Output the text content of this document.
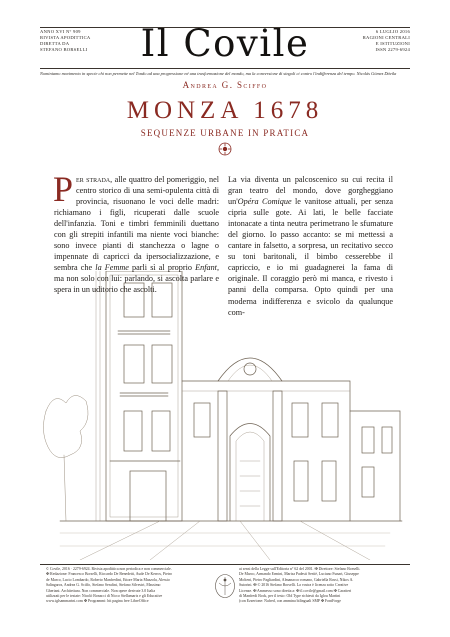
ANNO XVI N° 909
RIVISTA APODITTICA
DIRETTA DA
STEFANO BORSELLI	Il Covile	6 LUGLIO 2016
RAGIONI CENTRALI
E ISTITUZIONI
ISSN 2279-6924
Nominiamo movimento in specie chi non permette nel Tondo ad una progressione né una trasformazione del mondo, ma la conversione di singoli ci contro l'indifferenza del tempo. Nicolás Gómez Dávila
Andrea G. Sciffo
MONZA 1678
SEQUENZE URBANE IN PRATICA
Per strada, alle quattro del pomeriggio, nel centro storico di una semi-opulenta città di provincia, risuonano le voci delle madri: richiamano i figli, ricuperati dalle scuole dell'infanzia. Toni e timbri femminili duettano con gli strepiti infantili ma niente voci bianche: sono invece pianti di stanchezza o lagne o impennate di capricci da ipersocializzazione, e sembra che la Femme parli sì al proprio Enfant, ma non solo con lui: parlando, si ascolta parlare e spera in un uditorio che ascolti.
La via diventa un palcoscenico su cui recita il gran teatro del mondo, dove gorgheggiano un'Opéra Comique le vanitose attuali, per senza cipria sulle gote. Ai lati, le belle facciate intonacate a tinta neutra perimetrano le sfumature del giorno. Io passo accanto: se mi mettessi a cantare in falsetto, a sorpresa, un recitativo secco su toni baritonali, il bimbo cesserebbe il capriccio, e io mi guadagnerei la fama di originale. Il coraggio però mi manca, e rivesto i panni della comparsa. Opto quindi per una moderna indifferenza e svicolo da qualunque com-
© Covile, 2016 · 2279-6924. Rivista apodittica non periodica e non commerciale.
✠ Redazione: Francesco Borselli, Riccardo De Benedetti, Aude De Kerros, Pietro
de Marco, Lucio Lombardo, Roberto Manfredini, Ettore Maria Mazzola, Alessio
Salingaros, Andrea G. Sciffo, Stefano Serafini, Stefano Silvestri, Massimo
Gheriani. Architettura. Non commerciale. Non opere derivate 3.0 Italia
utilizzati per le testate: Nicolò Bonacci di Nicco Stellamaris e gli Educative
www.iglsammarini.com ✠ Programmi: htt pagina free LibreOffice
ai sensi della Legge sull'Editoria n° 62 del 2001. ✠ Direttore: Stefano Borselli.
De Marco, Armando Ermini, Marisa Padesti Sertiè, Luciano Funari, Giuseppe
Molteni, Pietro Pagliardini, Almanacco romano, Gabriella Rossi, Nikos A.
Sutorini. ✠ © 2016 Stefano Borselli. La vostra è licenza sotto Creative
Licenze. ✠ Ammesso sono diretta a: ✠ il.covile@gmail.com ✠ Caratteri
di Manfredi Bock, per il testo: Old Type richiesti da Iglou Martini
(con Ezzerione: Nafred, con ammina bilinguali SMP ✠ FontForge
